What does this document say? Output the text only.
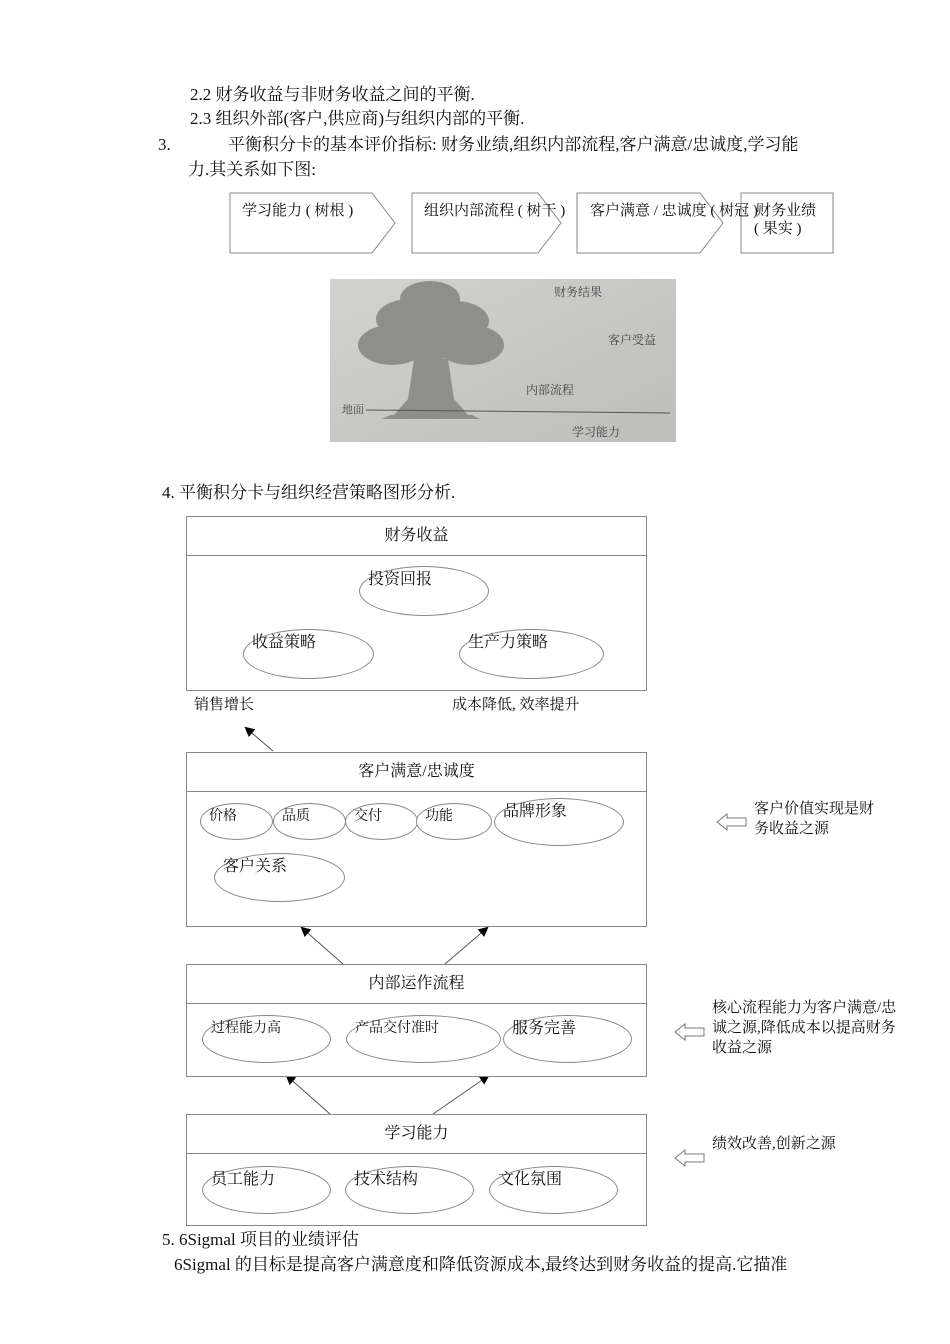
2.2 财务收益与非财务收益之间的平衡.
2.3 组织外部(客户,供应商)与组织内部的平衡.
3.	平衡积分卡的基本评价指标: 财务业绩,组织内部流程,客户满意/忠诚度,学习能
力.其关系如下图:
学习能力 ( 树根 )	组织内部流程 ( 树干 ) 客户满意 / 忠诚度 ( 树冠 )
财务业绩
( 果实 )
财务结果
客户受益
内部流程
地面
学习能力
4. 平衡积分卡与组织经营策略图形分析.
财务收益
投资回报
收益策略	生产力策略
销售增长	成本降低, 效率提升
客户满意/忠诚度
价格	品质	交付	功能	品牌形象
客户关系
内部运作流程
过程能力高	产品交付准时	服务完善
学习能力
员工能力	技术结构	文化氛围
客户价值实现是财务收益之源
核心流程能力为客户满意/忠诚之源,降低成本以提高财务收益之源
绩效改善,创新之源
5. 6Sigmal 项目的业绩评估
6Sigmal 的目标是提高客户满意度和降低资源成本,最终达到财务收益的提高.它描准
